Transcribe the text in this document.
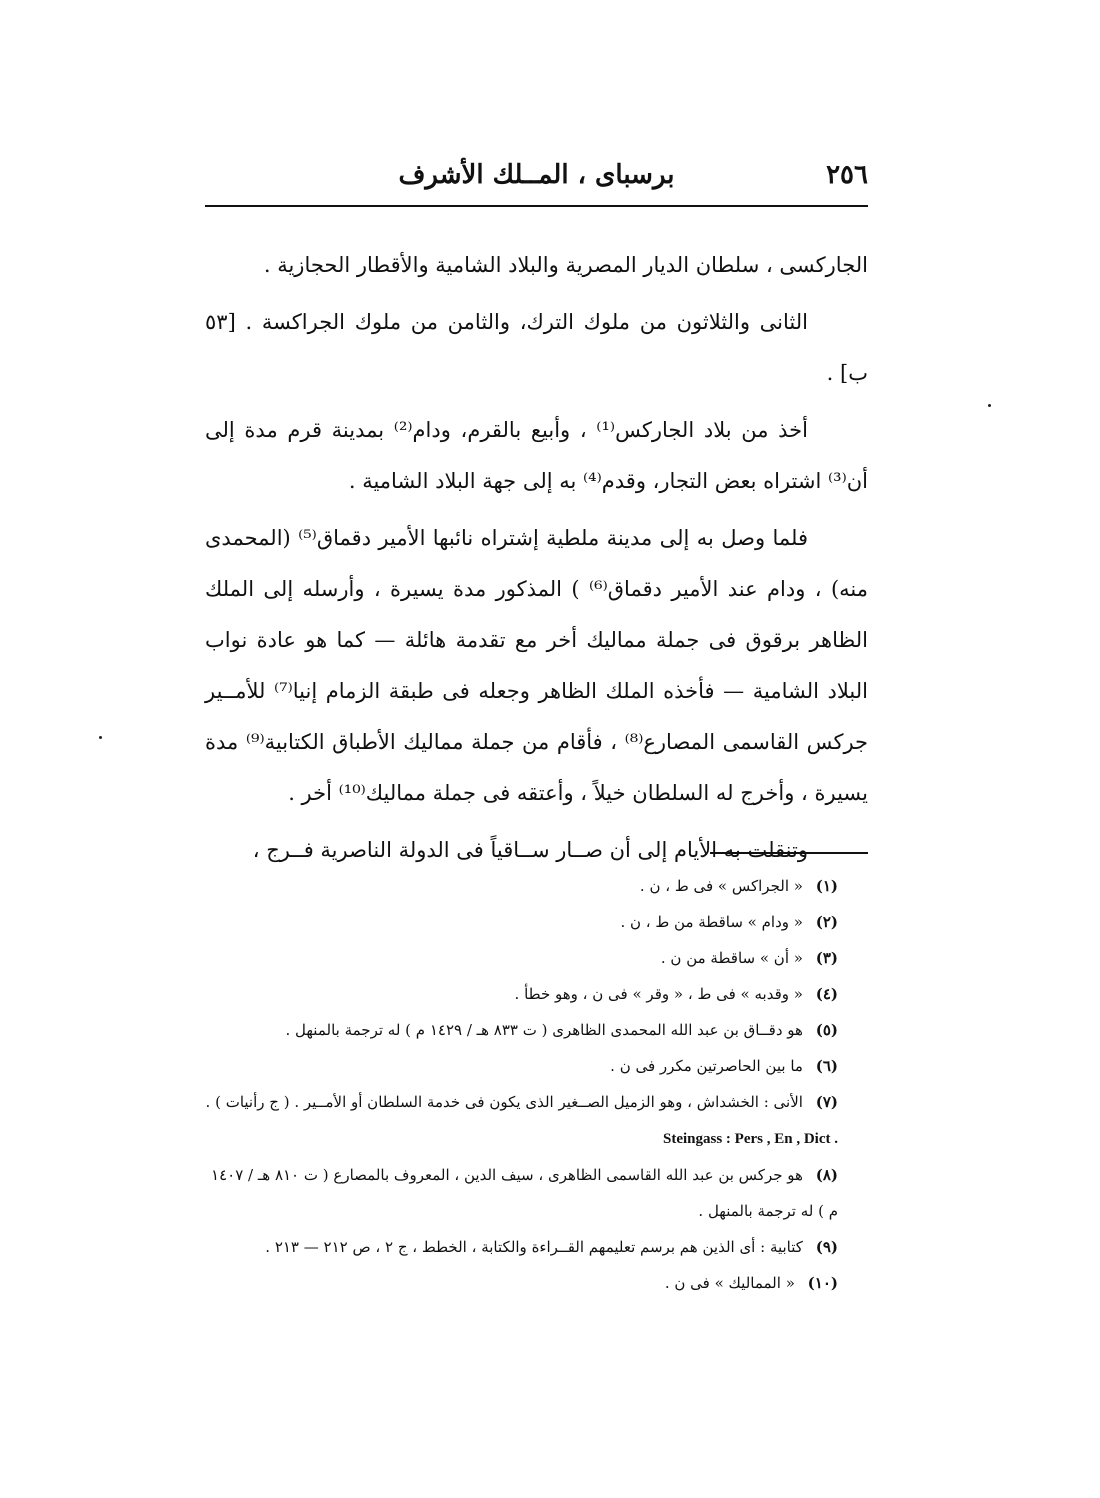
٢٥٦
برسباى ، المــلك الأشرف

الجاركسى ، سلطان الديار المصرية والبلاد الشامية والأقطار الحجازية .

الثانى والثلاثون من ملوك الترك، والثامن من ملوك الجراكسة . [٥٣ ب] .

أخذ من بلاد الجاركس⁽¹⁾ ، وأبيع بالقرم، ودام⁽²⁾ بمدينة قرم مدة إلى أن⁽³⁾ اشتراه بعض التجار، وقدم⁽⁴⁾ به إلى جهة البلاد الشامية .

فلما وصل به إلى مدينة ملطية إشتراه نائبها الأمير دقماق⁽⁵⁾ (المحمدى منه) ، ودام عند الأمير دقماق⁽⁶⁾ ) المذكور مدة يسيرة ، وأرسله إلى الملك الظاهر برقوق فى جملة مماليك أخر مع تقدمة هائلة — كما هو عادة نواب البلاد الشامية — فأخذه الملك الظاهر وجعله فى طبقة الزمام إنيا⁽⁷⁾ للأمــير جركس القاسمى المصارع⁽⁸⁾ ، فأقام من جملة مماليك الأطباق الكتابية⁽⁹⁾ مدة يسيرة ، وأخرج له السلطان خيلاً ، وأعتقه فى جملة مماليك⁽¹⁰⁾ أخر .

وتنقلت به الأيام إلى أن صــار ســاقياً فى الدولة الناصرية فــرج ،

(١) « الجراكس » فى ط ، ن .

(٢) « ودام » ساقطة من ط ، ن .

(٣) « أن » ساقطة من ن .

(٤) « وقدبه » فى ط ، « وقر » فى ن ، وهو خطأ .

(٥) هو دقــاق بن عبد الله المحمدى الظاهرى ( ت ٨٣٣ هـ / ١٤٢٩ م ) له ترجمة بالمنهل .

(٦) ما بين الحاصرتين مكرر فى ن .

(٧) الأنى : الخشداش ، وهو الزميل الصــغير الذى يكون فى خدمة السلطان أو الأمــير . ( ج رأنيات ) . Steingass : Pers , En , Dict .

(٨) هو جركس بن عبد الله القاسمى الظاهرى ، سيف الدين ، المعروف بالمصارع ( ت ٨١٠ هـ / ١٤٠٧ م ) له ترجمة بالمنهل .

(٩) كتابية : أى الذين هم برسم تعليمهم القــراءة والكتابة ، الخطط ، ج ٢ ، ص ٢١٢ — ٢١٣ .

(١٠) « المماليك » فى ن .
